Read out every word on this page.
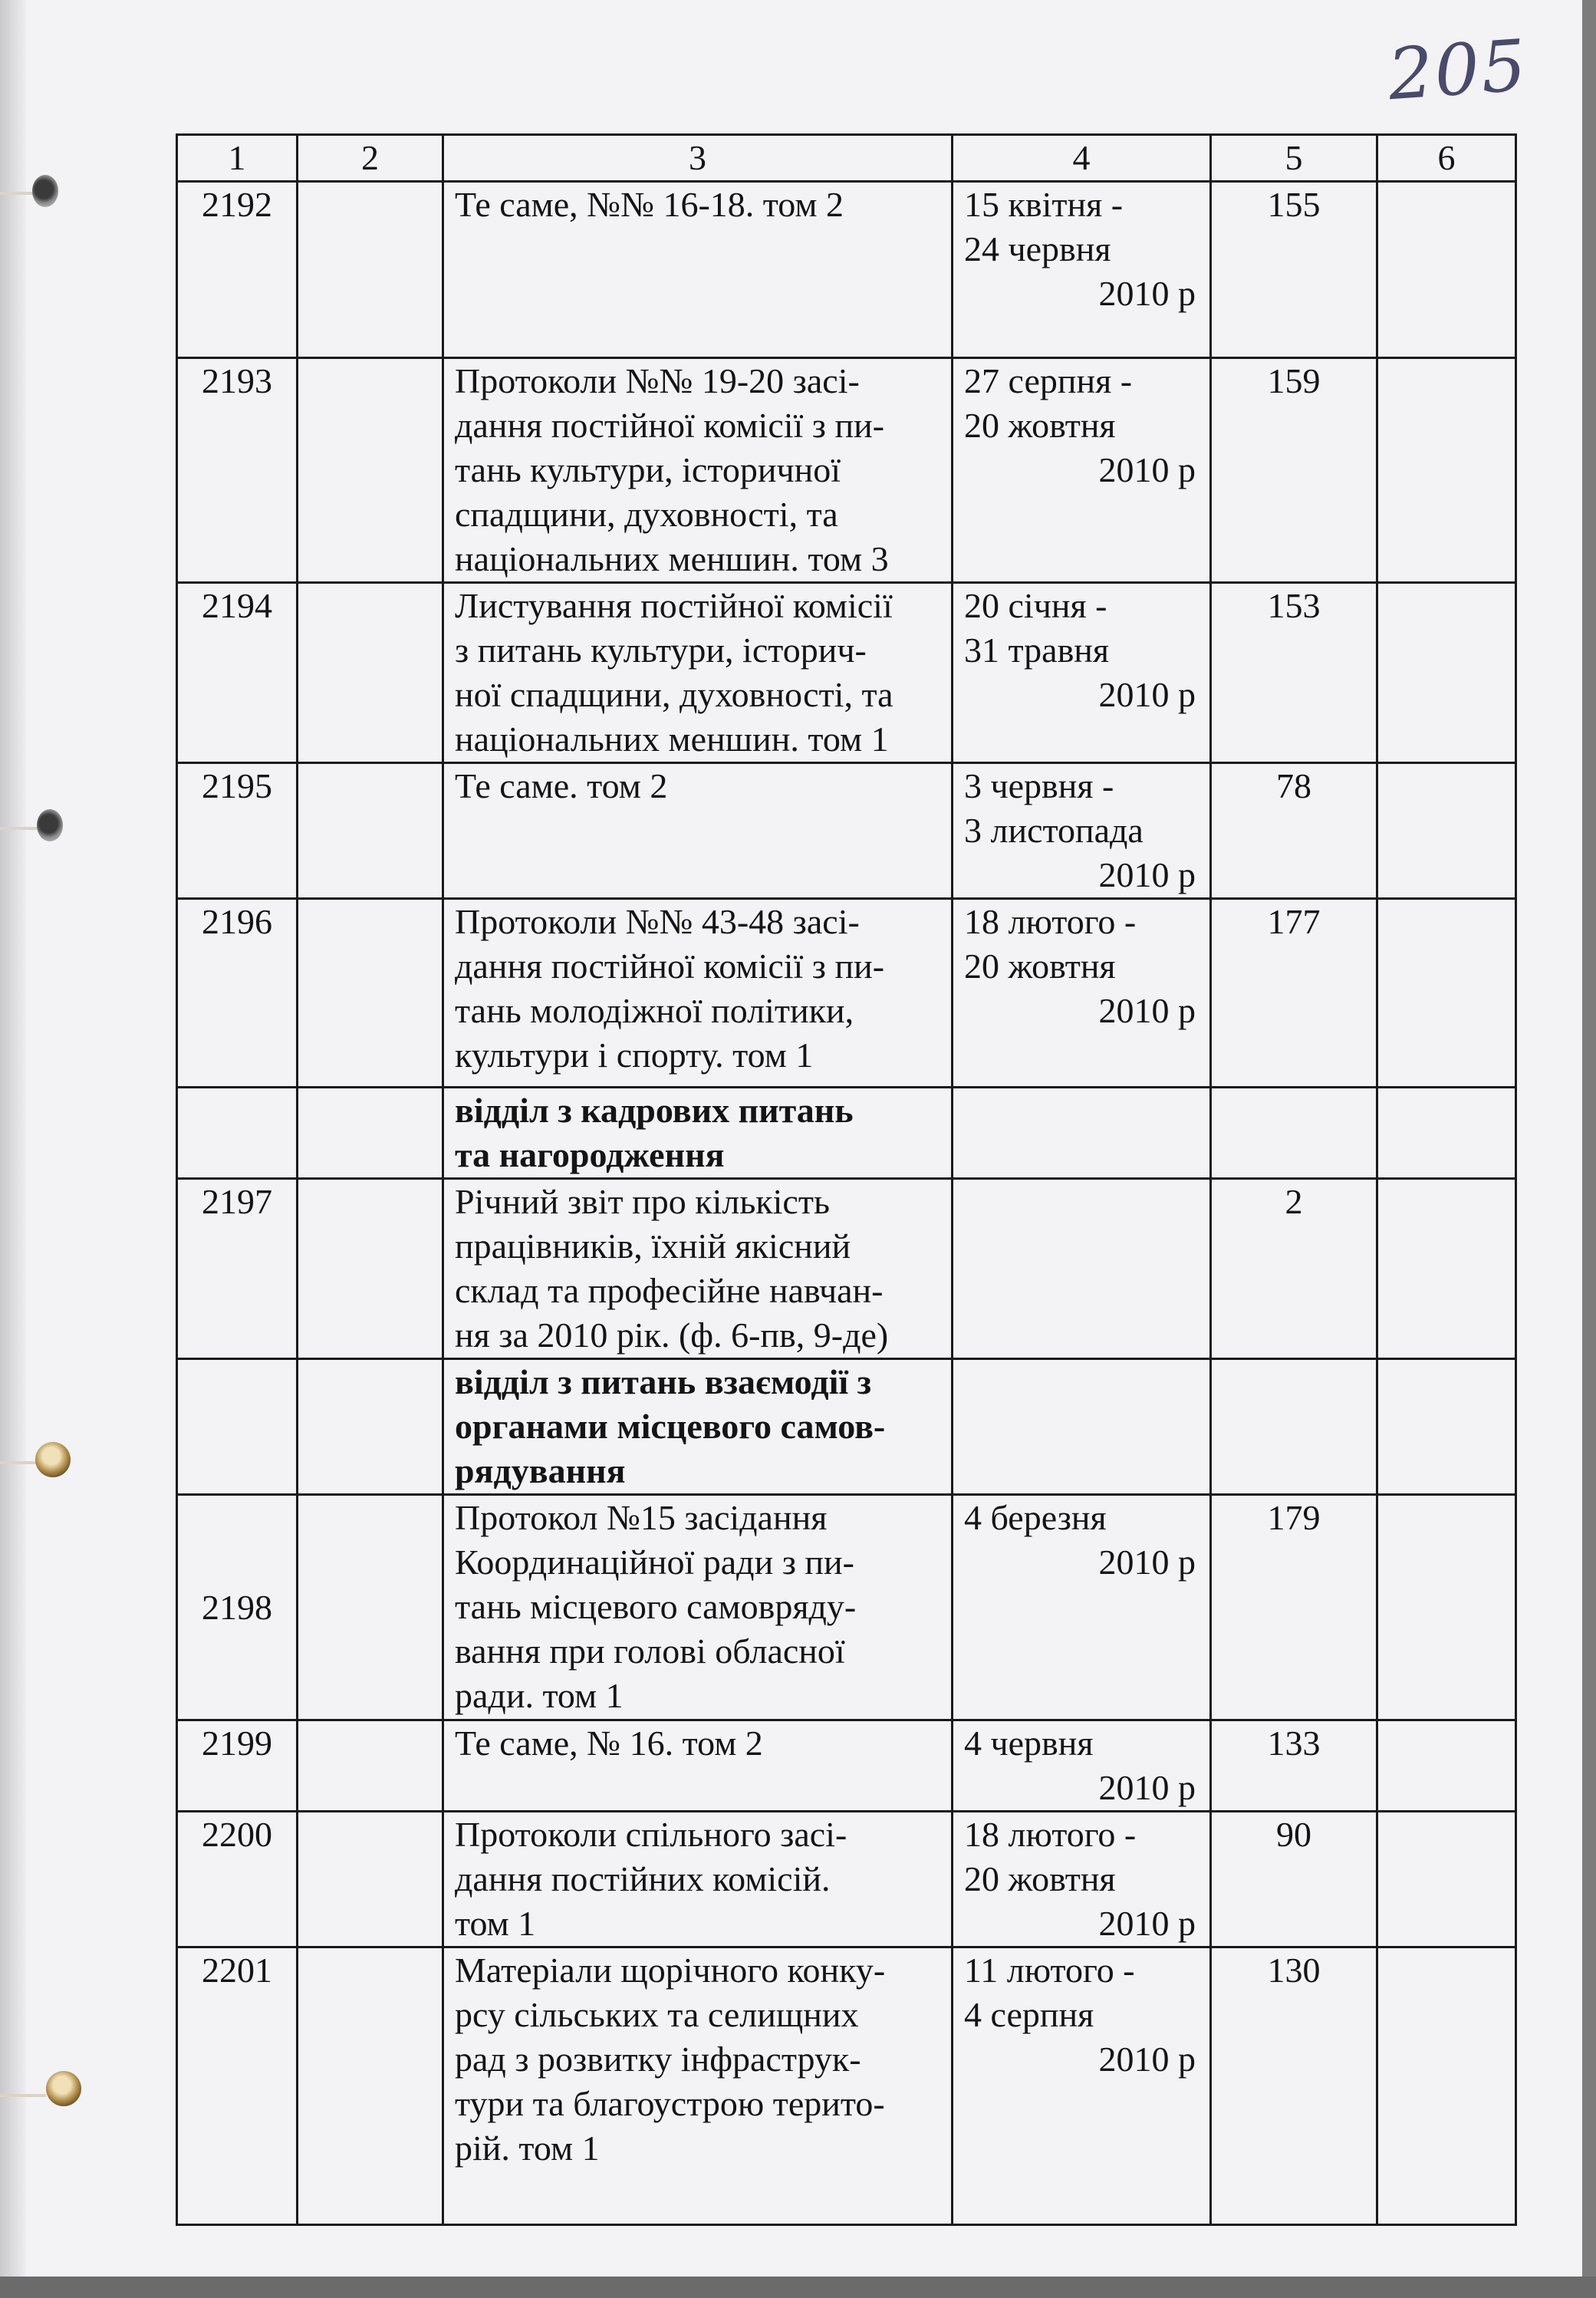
205
1	2	3	4	5	6
2192		Те саме, №№ 16-18. том 2	15 квітня -
24 червня
2010 р	155	
2193		Протоколи №№ 19-20 засі-
дання постійної комісії з пи-
тань культури, історичної
спадщини, духовності, та
національних меншин. том 3	27 серпня -
20 жовтня
2010 р	159	
2194		Листування постійної комісії
з питань культури, історич-
ної спадщини, духовності, та
національних меншин. том 1	20 січня -
31 травня
2010 р	153	
2195		Те саме. том 2	3 червня -
3 листопада
2010 р	78	
2196		Протоколи №№ 43-48 засі-
дання постійної комісії з пи-
тань молодіжної політики,
культури і спорту. том 1	18 лютого -
20 жовтня
2010 р	177	

		відділ з кадрових питань
та нагородження			

2197		Річний звіт про кількість
працівників, їхній якісний
склад та професійне навчан-
ня за 2010 рік. (ф. 6-пв, 9-де)		2	

		відділ з питань взаємодії з
органами місцевого самов-
рядування			

2198		Протокол №15 засідання
Координаційної ради з пи-
тань місцевого самовряду-
вання при голові обласної
ради. том 1	4 березня
2010 р	179	
2199		Те саме, № 16. том 2	4 червня
2010 р	133	
2200		Протоколи спільного засі-
дання постійних комісій.
том 1	18 лютого -
20 жовтня
2010 р	90	
2201		Матеріали щорічного конку-
рсу сільських та селищних
рад з розвитку інфраструк-
тури та благоустрою терито-
рій. том 1	11 лютого -
4 серпня
2010 р	130	
